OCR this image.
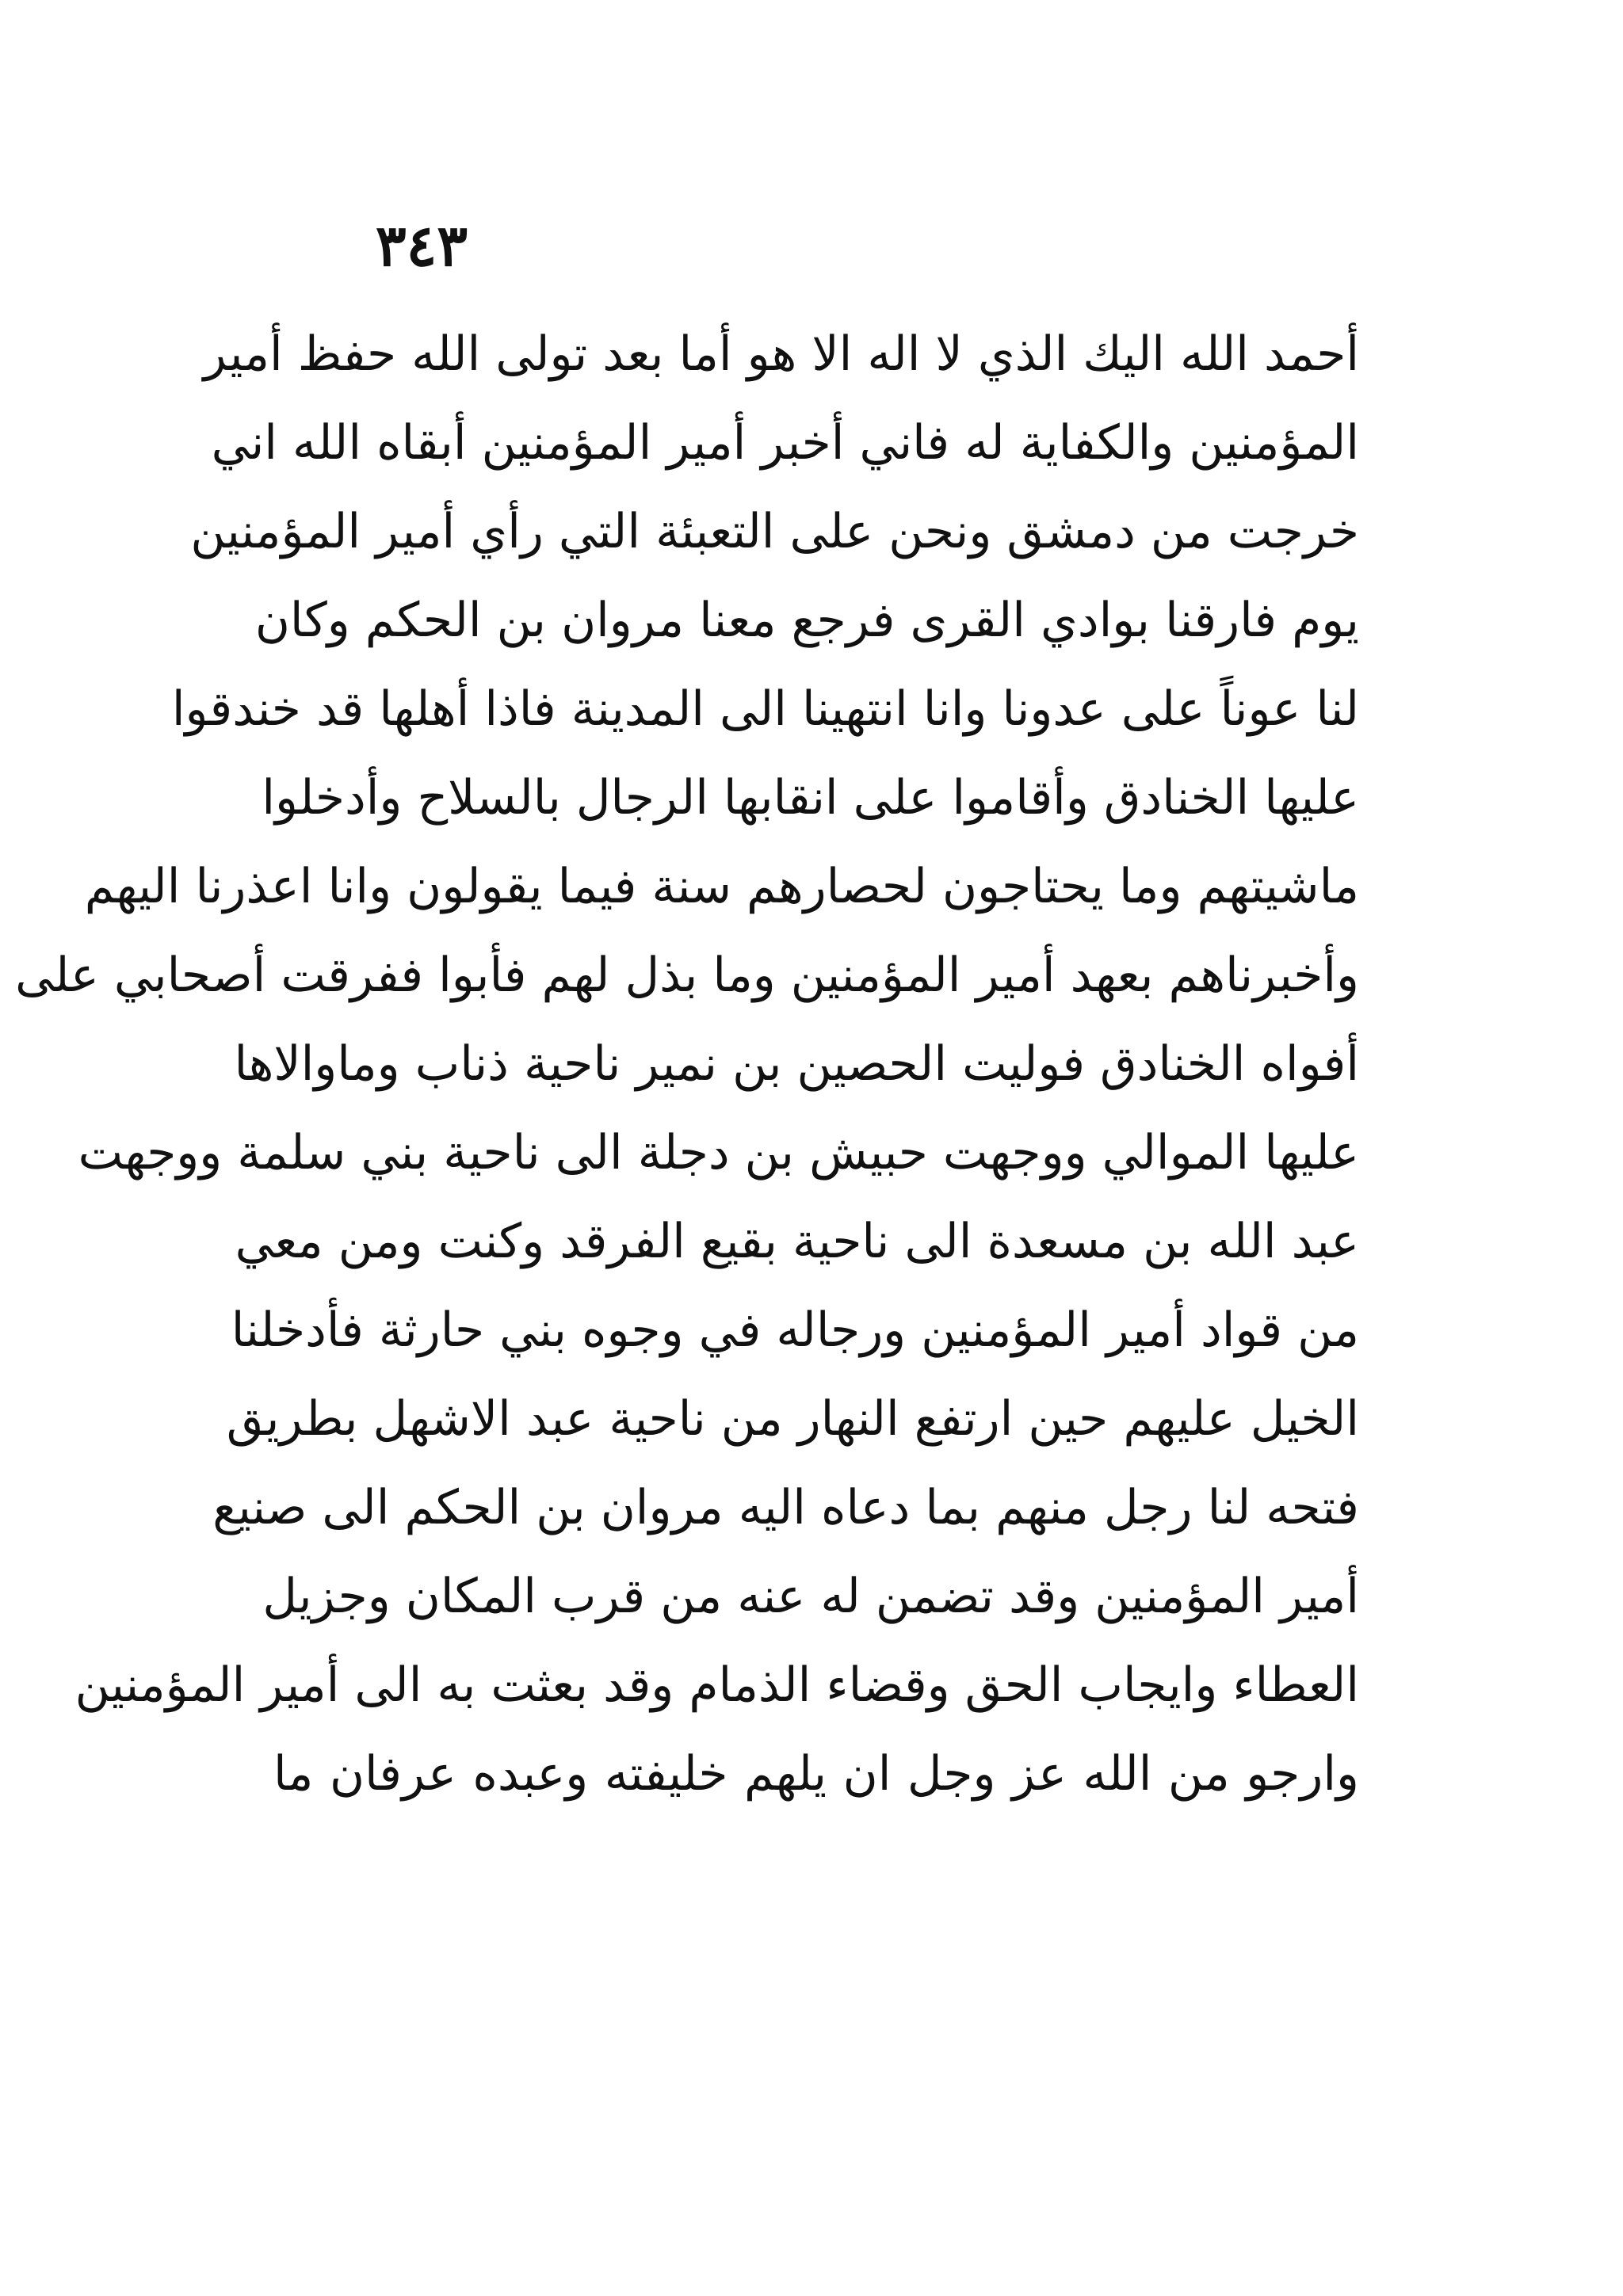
٣٤٣
أحمد الله اليك الذي لا اله الا هو أما بعد تولى الله حفظ أمير
المؤمنين والكفاية له فاني أخبر أمير المؤمنين أبقاه الله اني
خرجت من دمشق ونحن على التعبئة التي رأي أمير المؤمنين
يوم فارقنا بوادي القرى فرجع معنا مروان بن الحكم وكان
لنا عوناً على عدونا وانا انتهينا الى المدينة فاذا أهلها قد خندقوا
عليها الخنادق وأقاموا على انقابها الرجال بالسلاح وأدخلوا
ماشيتهم وما يحتاجون لحصارهم سنة فيما يقولون وانا اعذرنا اليهم
وأخبرناهم بعهد أمير المؤمنين وما بذل لهم فأبوا ففرقت أصحابي على
أفواه الخنادق فوليت الحصين بن نمير ناحية ذناب وماوالاها
عليها الموالي ووجهت حبيش بن دجلة الى ناحية بني سلمة ووجهت
عبد الله بن مسعدة الى ناحية بقيع الفرقد وكنت ومن معي
من قواد أمير المؤمنين ورجاله في وجوه بني حارثة فأدخلنا
الخيل عليهم حين ارتفع النهار من ناحية عبد الاشهل بطريق
فتحه لنا رجل منهم بما دعاه اليه مروان بن الحكم الى صنيع
أمير المؤمنين وقد تضمن له عنه من قرب المكان وجزيل
العطاء وايجاب الحق وقضاء الذمام وقد بعثت به الى أمير المؤمنين
وارجو من الله عز وجل ان يلهم خليفته وعبده عرفان ما
